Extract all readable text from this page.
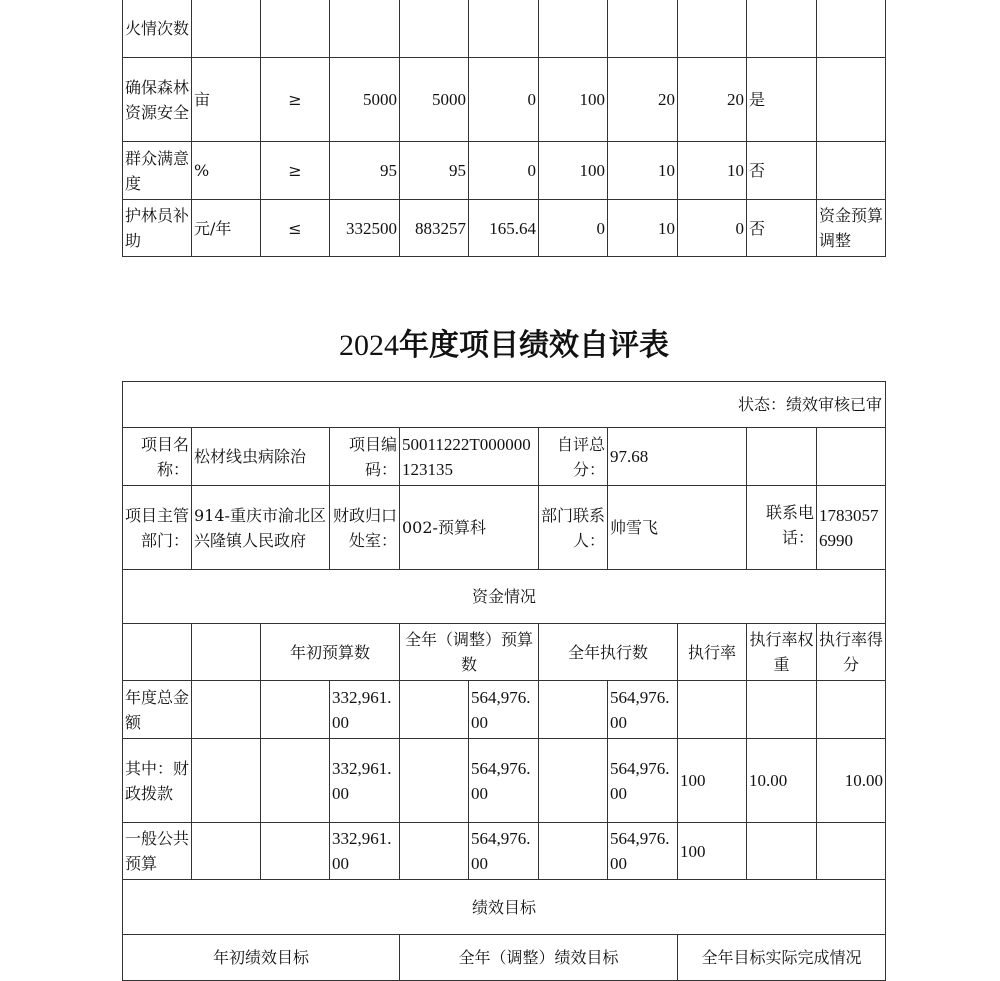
火情次数										
确保森林资源安全	亩	≥	5000	5000	0	100	20	20	是	
群众满意度	%	≥	95	95	0	100	10	10	否	
护林员补助	元/年	≤	332500	883257	165.64	0	10	0	否	资金预算调整
2024年度项目绩效自评表
状态：绩效审核已审										
项目名称：	松材线虫病除治		项目编码：	50011222T000000123135		自评总分：	97.68			
项目主管部门：	914-重庆市渝北区兴隆镇人民政府		财政归口处室：	002-预算科		部门联系人：	帅雪飞		联系电话：	17830576990
资金情况										
		年初预算数		全年（调整）预算数		全年执行数		执行率	执行率权重	执行率得分
年度总金额			332,961.00		564,976.00		564,976.00			
其中：财政拨款			332,961.00		564,976.00		564,976.00	100	10.00	10.00
一般公共预算			332,961.00		564,976.00		564,976.00	100		
绩效目标										
年初绩效目标				全年（调整）绩效目标				全年目标实际完成情况		
